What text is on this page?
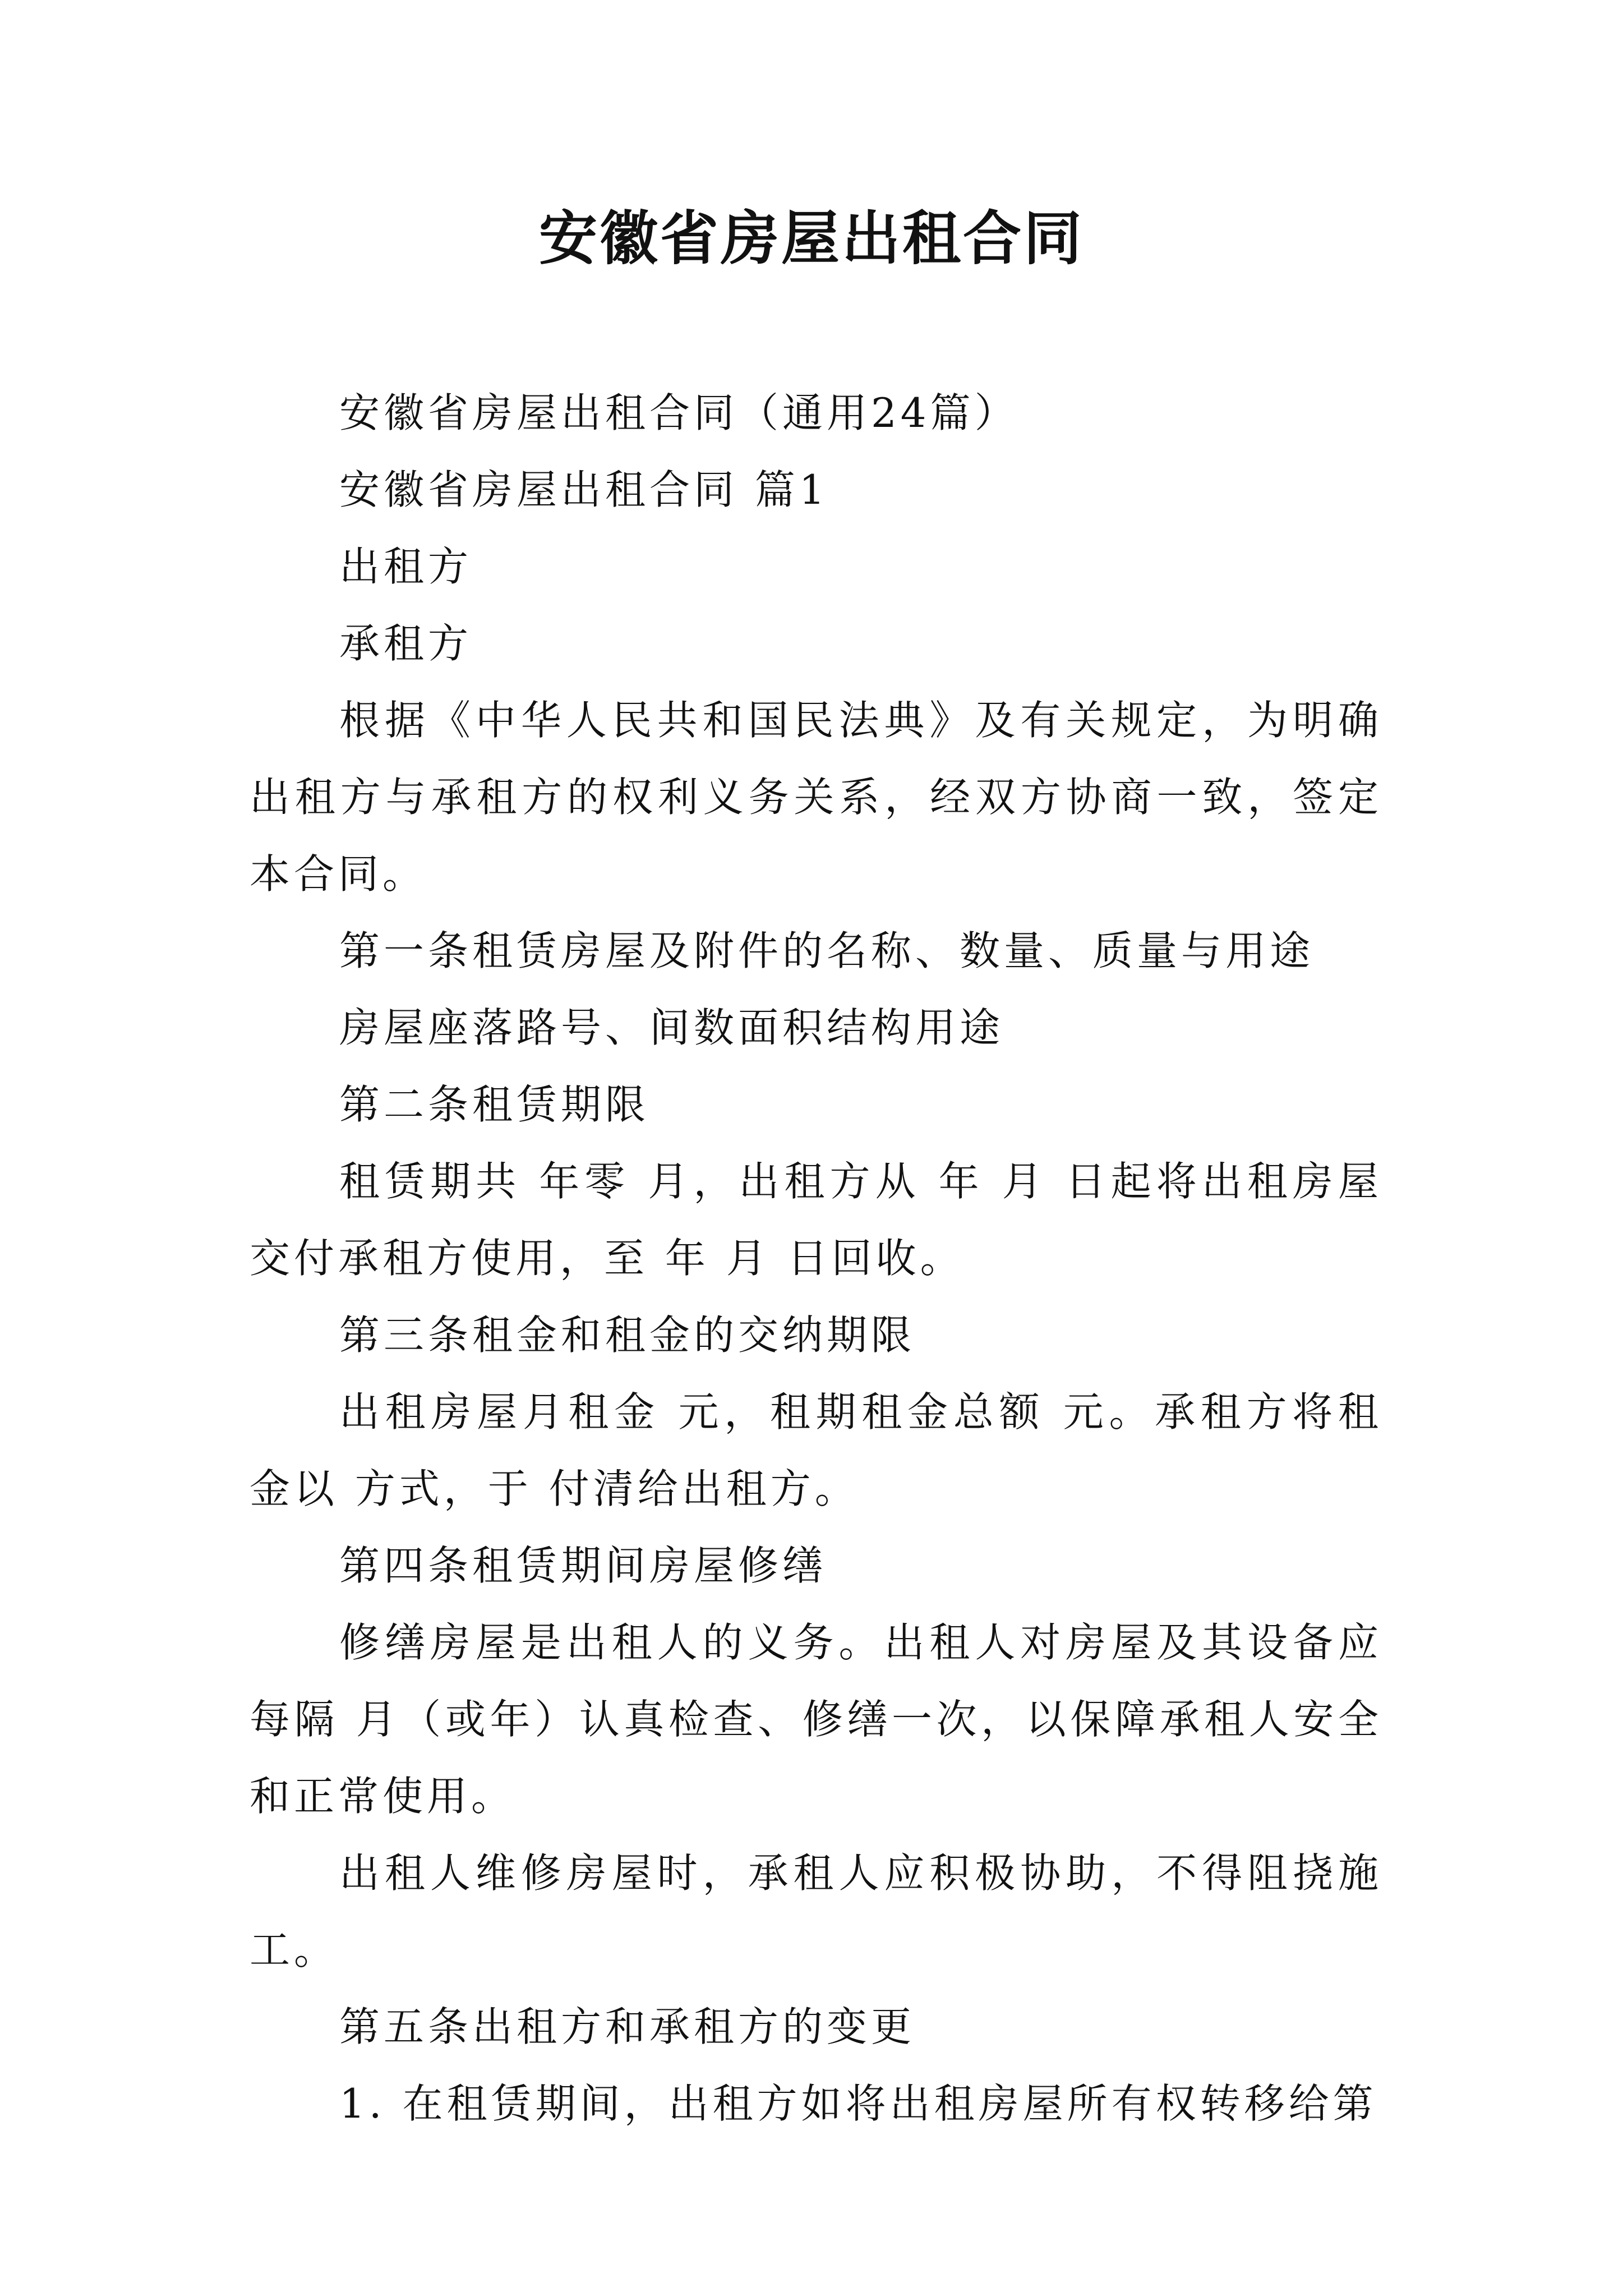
安徽省房屋出租合同

安徽省房屋出租合同（通用24篇）

安徽省房屋出租合同 篇1

出租方

承租方

根据《中华人民共和国民法典》及有关规定，为明确出租方与承租方的权利义务关系，经双方协商一致，签定本合同。

第一条租赁房屋及附件的名称、数量、质量与用途

房屋座落路号、间数面积结构用途

第二条租赁期限

租赁期共 年零 月，出租方从 年 月 日起将出租房屋交付承租方使用，至 年 月 日回收。

第三条租金和租金的交纳期限

出租房屋月租金 元，租期租金总额 元。承租方将租金以 方式，于 付清给出租方。

第四条租赁期间房屋修缮

修缮房屋是出租人的义务。出租人对房屋及其设备应每隔 月（或年）认真检查、修缮一次，以保障承租人安全和正常使用。

出租人维修房屋时，承租人应积极协助，不得阻挠施工。

第五条出租方和承租方的变更

1. 在租赁期间，出租方如将出租房屋所有权转移给第
